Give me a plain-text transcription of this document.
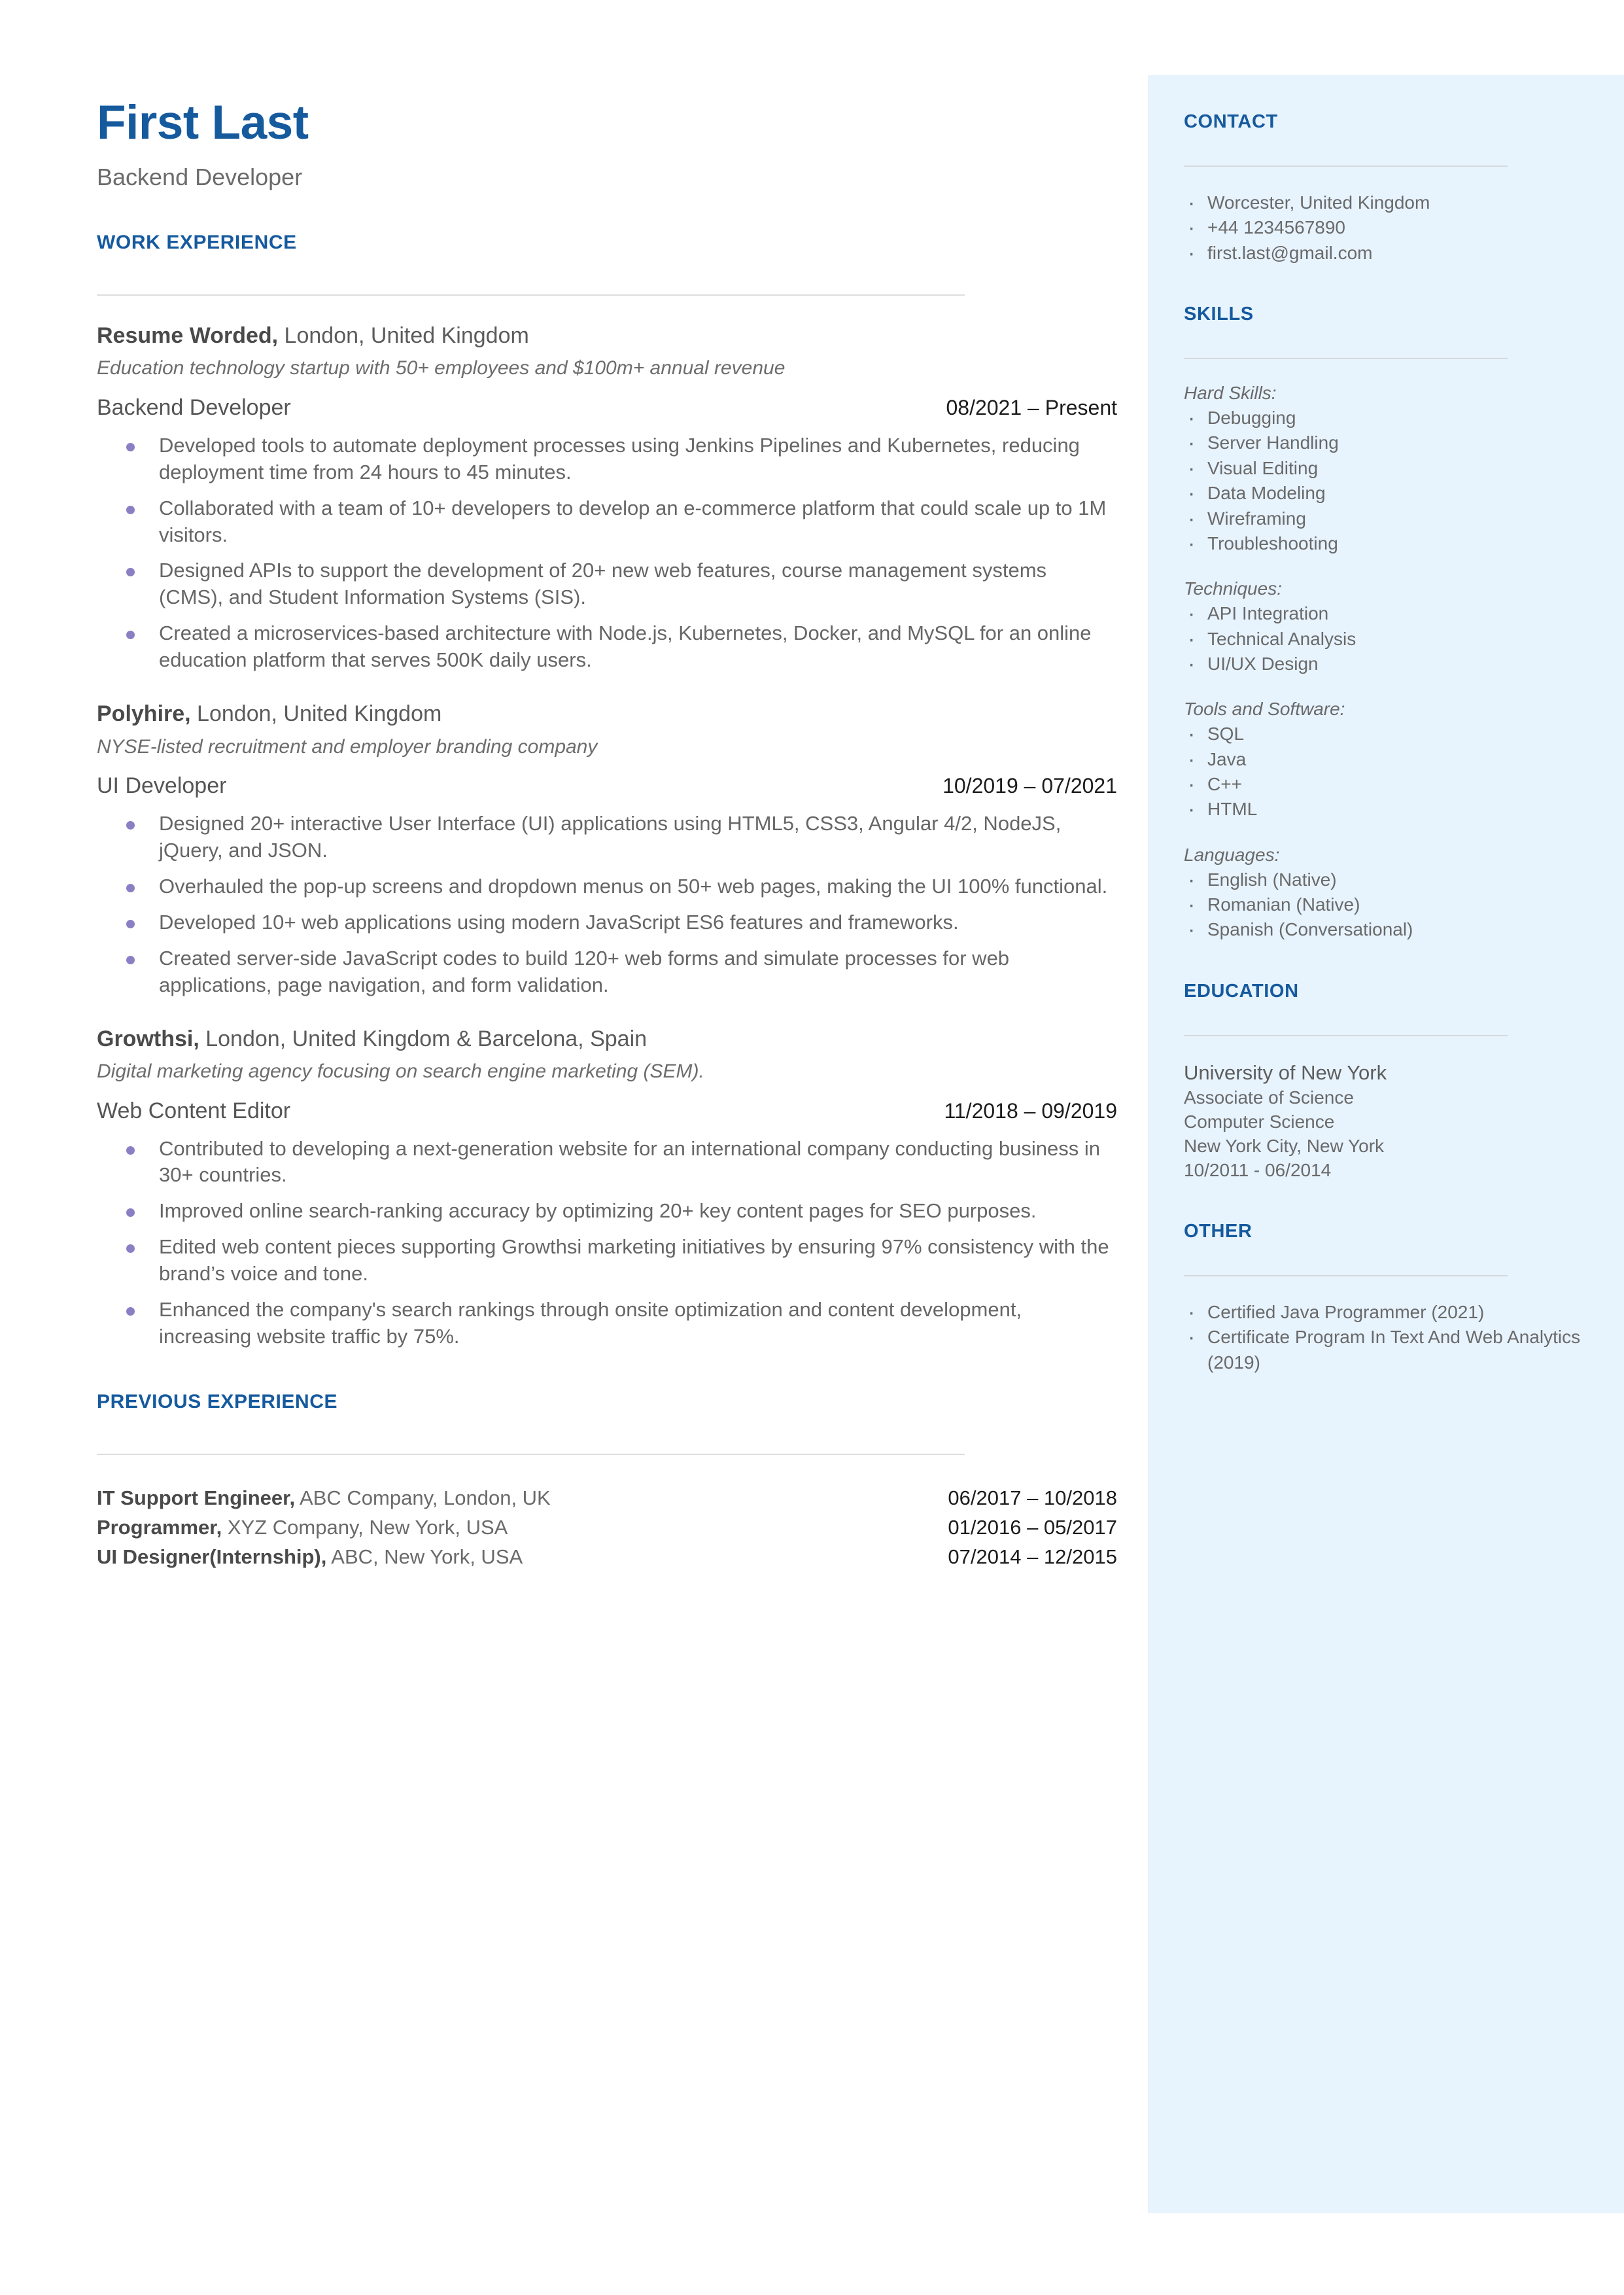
First Last
Backend Developer
WORK EXPERIENCE
Resume Worded, London, United Kingdom
Education technology startup with 50+ employees and $100m+ annual revenue
Backend Developer	08/2021 – Present
Developed tools to automate deployment processes using Jenkins Pipelines and Kubernetes, reducing deployment time from 24 hours to 45 minutes.
Collaborated with a team of 10+ developers to develop an e-commerce platform that could scale up to 1M visitors.
Designed APIs to support the development of 20+ new web features, course management systems (CMS), and Student Information Systems (SIS).
Created a microservices-based architecture with Node.js, Kubernetes, Docker, and MySQL for an online education platform that serves 500K daily users.
Polyhire, London, United Kingdom
NYSE-listed recruitment and employer branding company
UI Developer	10/2019 – 07/2021
Designed 20+ interactive User Interface (UI) applications using HTML5, CSS3, Angular 4/2, NodeJS, jQuery, and JSON.
Overhauled the pop-up screens and dropdown menus on 50+ web pages, making the UI 100% functional.
Developed 10+ web applications using modern JavaScript ES6 features and frameworks.
Created server-side JavaScript codes to build 120+ web forms and simulate processes for web applications, page navigation, and form validation.
Growthsi, London, United Kingdom & Barcelona, Spain
Digital marketing agency focusing on search engine marketing (SEM).
Web Content Editor	11/2018 – 09/2019
Contributed to developing a next-generation website for an international company conducting business in 30+ countries.
Improved online search-ranking accuracy by optimizing 20+ key content pages for SEO purposes.
Edited web content pieces supporting Growthsi marketing initiatives by ensuring 97% consistency with the brand’s voice and tone.
Enhanced the company's search rankings through onsite optimization and content development, increasing website traffic by 75%.
PREVIOUS EXPERIENCE
IT Support Engineer, ABC Company, London, UK	06/2017 – 10/2018
Programmer, XYZ Company, New York, USA	01/2016 – 05/2017
UI Designer(Internship), ABC, New York, USA	07/2014 – 12/2015
CONTACT
· Worcester, United Kingdom
· +44 1234567890
· first.last@gmail.com
SKILLS
Hard Skills:
· Debugging
· Server Handling
· Visual Editing
· Data Modeling
· Wireframing
· Troubleshooting
Techniques:
· API Integration
· Technical Analysis
· UI/UX Design
Tools and Software:
· SQL
· Java
· C++
· HTML
Languages:
· English (Native)
· Romanian (Native)
· Spanish (Conversational)
EDUCATION
University of New York
Associate of Science
Computer Science
New York City, New York
10/2011 - 06/2014
OTHER
· Certified Java Programmer (2021)
· Certificate Program In Text And Web Analytics (2019)
